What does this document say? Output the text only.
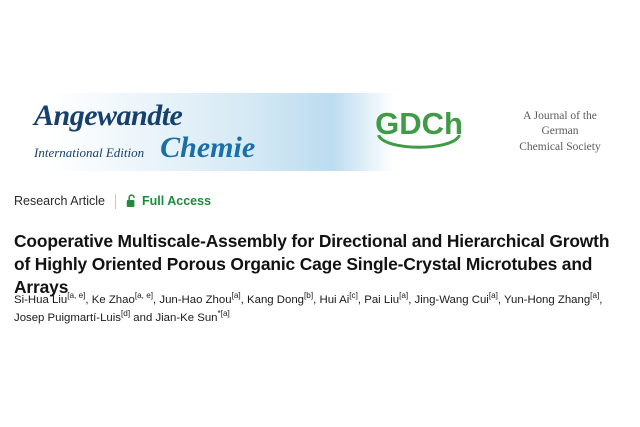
Angewandte
International Edition Chemie
GDCh	A Journal of the
German
Chemical Society
Research Article	Full Access
Cooperative Multiscale-Assembly for Directional and Hierarchical Growth of Highly Oriented Porous Organic Cage Single-Crystal Microtubes and Arrays
Si-Hua Liu[a, e], Ke Zhao[a, e], Jun-Hao Zhou[a], Kang Dong[b], Hui Ai[c], Pai Liu[a], Jing-Wang Cui[a], Yun-Hong Zhang[a], Josep Puigmartí-Luis[d] and Jian-Ke Sun$^{*[a]}$
